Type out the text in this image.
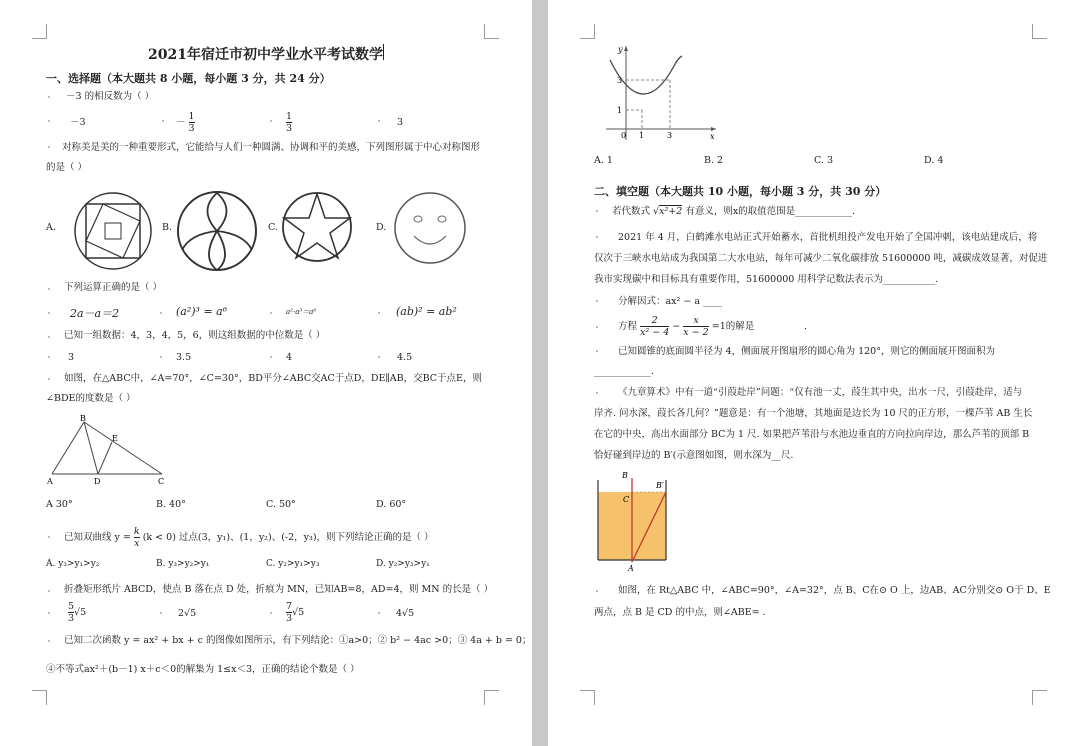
2021年宿迁市初中学业水平考试数学
一、选择题（本大题共 8 小题，每小题 3 分，共 24 分）
－3 的相反数为（ ）
－3	－ $\frac{1}{3}$	$\frac{1}{3}$	3
对称美是美的一种重要形式，它能给与人们一种圆满、协调和平的美感，下列图形属于中心对称图形
的是（ ）
A.	B.	C.	D.
下列运算正确的是（ ）
2a－a＝2	(a²)³ = a⁶	a²·a³＝a⁶	(ab)² = ab²
已知一组数据：4，3，4，5，6，则这组数据的中位数是（ ）
3	3.5	4	4.5
如图，在△ABC中，∠A=70°，∠C=30°，BD平分∠ABC交AC于点D，DE∥AB，交BC于点E，则
∠BDE的度数是（ ）
B
E
A	D	C
A 30°	B. 40°	C. 50°	D. 60°
已知双曲线 $y = \frac{k}{x} (k < 0)$ 过点(3，y₁)、(1，y₂)、(-2，y₃)，则下列结论正确的是（ ）
A. y₃>y₁>y₂	B. y₃>y₂>y₁	C. y₂>y₁>y₃	D. y₂>y₃>y₁
折叠矩形纸片 ABCD，使点 B 落在点 D 处，折痕为 MN，已知AB=8，AD=4，则 MN 的长是（ ）
$\frac{5}{3} √5$	2√5	$\frac{7}{3} √5$	4√5
已知二次函数 y = ax² + bx + c 的图像如图所示，有下列结论：①a>0；② b² − 4ac >0；③ 4a + b = 0；
④不等式ax²＋(b－1) x＋c＜0的解集为 1≤x＜3，正确的结论个数是（ ）
y
x
0 1	3
1
3
A. 1	B. 2	C. 3	D. 4
二、填空题（本大题共 10 小题，每小题 3 分，共 30 分）
若代数式 √x²+2 有意义，则x的取值范围是____________.
2021 年 4 月，白鹤滩水电站正式开始蓄水，首批机组投产发电开始了全国冲刺，该电站建成后，将
仅次于三峡水电站成为我国第二大水电站，每年可减少二氧化碳排放 51600000 吨，减碳成效显著，对促进
我市实现碳中和目标具有重要作用，51600000 用科学记数法表示为___________.
分解因式：ax² − a ____
方程 $\frac{2}{\text{x² − 4}} - \frac{x}{x - 2} =1$的解是	.
已知圆锥的底面圆半径为 4，侧面展开图扇形的圆心角为 120°，则它的侧面展开图面积为
____________.
《九章算术》中有一道“引葭赴岸”问题：“仅有池一丈，葭生其中央，出水一尺，引葭赴岸，适与
岸齐. 问水深，葭长各几何？”题意是：有一个池塘，其地面是边长为 10 尺的正方形，一棵芦苇 AB 生长
在它的中央，高出水面部分 BC为 1 尺. 如果把芦苇沿与水池边垂直的方向拉向岸边，那么芦苇的顶部 B
恰好碰到岸边的 B′(示意图如图，则水深为__尺.
B
C
B′
A
如图，在 Rt△ABC 中，∠ABC=90°，∠A=32°，点 B、C在⊙ O 上，边AB、AC分别交⊙ O于 D、E
两点，点 B 是 CD 的中点，则∠ABE= .
